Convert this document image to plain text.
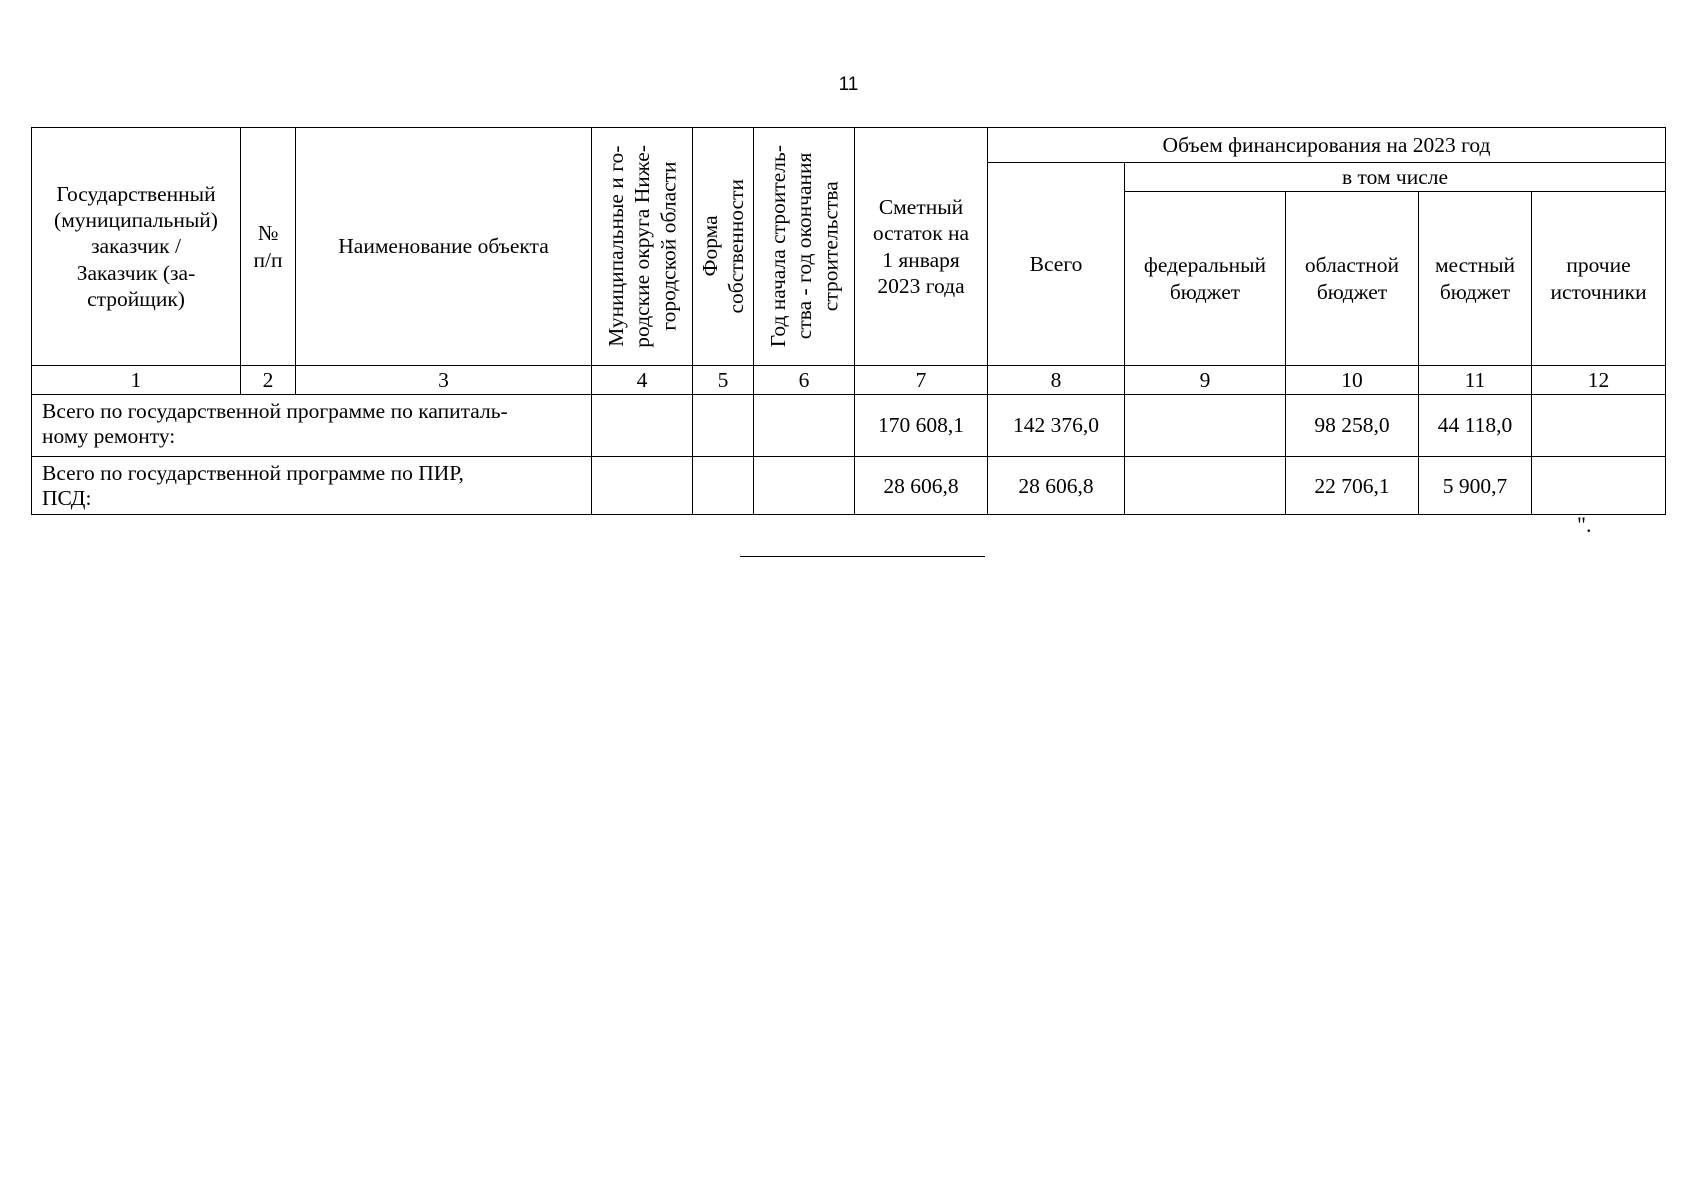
11
Государственный
(муниципальный)
заказчик /
Заказчик (за-
стройщик)	№
п/п	Наименование объекта	Муниципальные и го- родские округа Ниже- городской области	Форма собственности	Год начала строитель- ства - год окончания строительства	Сметный
остаток на
1 января
2023 года	Объем финансирования на 2023 год				
							Всего	в том числе			

								федеральный
бюджет	областной
бюджет	местный
бюджет	прочие
источники

1	2	3	4	5	6	7	8	9	10	11	12

Всего по государственной программе по капиталь-
ному ремонту:						170 608,1	142 376,0		98 258,0	44 118,0	

Всего по государственной программе по ПИР,
ПСД:						28 606,8	28 606,8		22 706,1	5 900,7	
".
